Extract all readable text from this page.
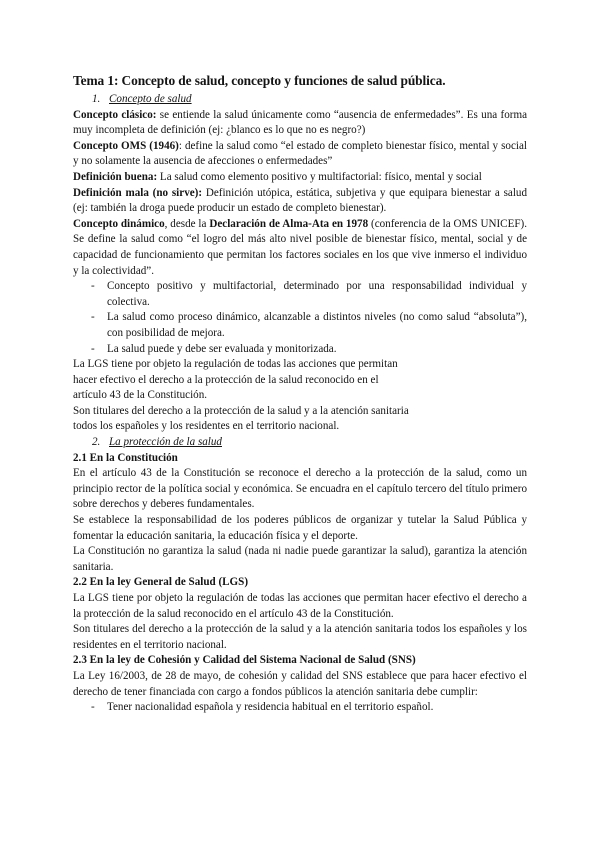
Tema 1: Concepto de salud, concepto y funciones de salud pública.

1. Concepto de salud

Concepto clásico: se entiende la salud únicamente como “ausencia de enfermedades”. Es una forma muy incompleta de definición (ej: ¿blanco es lo que no es negro?)

Concepto OMS (1946): define la salud como “el estado de completo bienestar físico, mental y social y no solamente la ausencia de afecciones o enfermedades”

Definición buena: La salud como elemento positivo y multifactorial: físico, mental y social

Definición mala (no sirve): Definición utópica, estática, subjetiva y que equipara bienestar a salud (ej: también la droga puede producir un estado de completo bienestar).

Concepto dinámico, desde la Declaración de Alma-Ata en 1978 (conferencia de la OMS UNICEF). Se define la salud como “el logro del más alto nivel posible de bienestar físico, mental, social y de capacidad de funcionamiento que permitan los factores sociales en los que vive inmerso el individuo y la colectividad”.

- Concepto positivo y multifactorial, determinado por una responsabilidad individual y colectiva.
- La salud como proceso dinámico, alcanzable a distintos niveles (no como salud “absoluta”), con posibilidad de mejora.
- La salud puede y debe ser evaluada y monitorizada.

La LGS tiene por objeto la regulación de todas las acciones que permitan

hacer efectivo el derecho a la protección de la salud reconocido en el

artículo 43 de la Constitución.

Son titulares del derecho a la protección de la salud y a la atención sanitaria

todos los españoles y los residentes en el territorio nacional.

2. La protección de la salud

2.1 En la Constitución

En el artículo 43 de la Constitución se reconoce el derecho a la protección de la salud, como un principio rector de la política social y económica. Se encuadra en el capítulo tercero del título primero sobre derechos y deberes fundamentales.

Se establece la responsabilidad de los poderes públicos de organizar y tutelar la Salud Pública y fomentar la educación sanitaria, la educación física y el deporte.

La Constitución no garantiza la salud (nada ni nadie puede garantizar la salud), garantiza la atención sanitaria.

2.2 En la ley General de Salud (LGS)

La LGS tiene por objeto la regulación de todas las acciones que permitan hacer efectivo el derecho a la protección de la salud reconocido en el artículo 43 de la Constitución.

Son titulares del derecho a la protección de la salud y a la atención sanitaria todos los españoles y los residentes en el territorio nacional.

2.3 En la ley de Cohesión y Calidad del Sistema Nacional de Salud (SNS)

La Ley 16/2003, de 28 de mayo, de cohesión y calidad del SNS establece que para hacer efectivo el derecho de tener financiada con cargo a fondos públicos la atención sanitaria debe cumplir:

- Tener nacionalidad española y residencia habitual en el territorio español.
